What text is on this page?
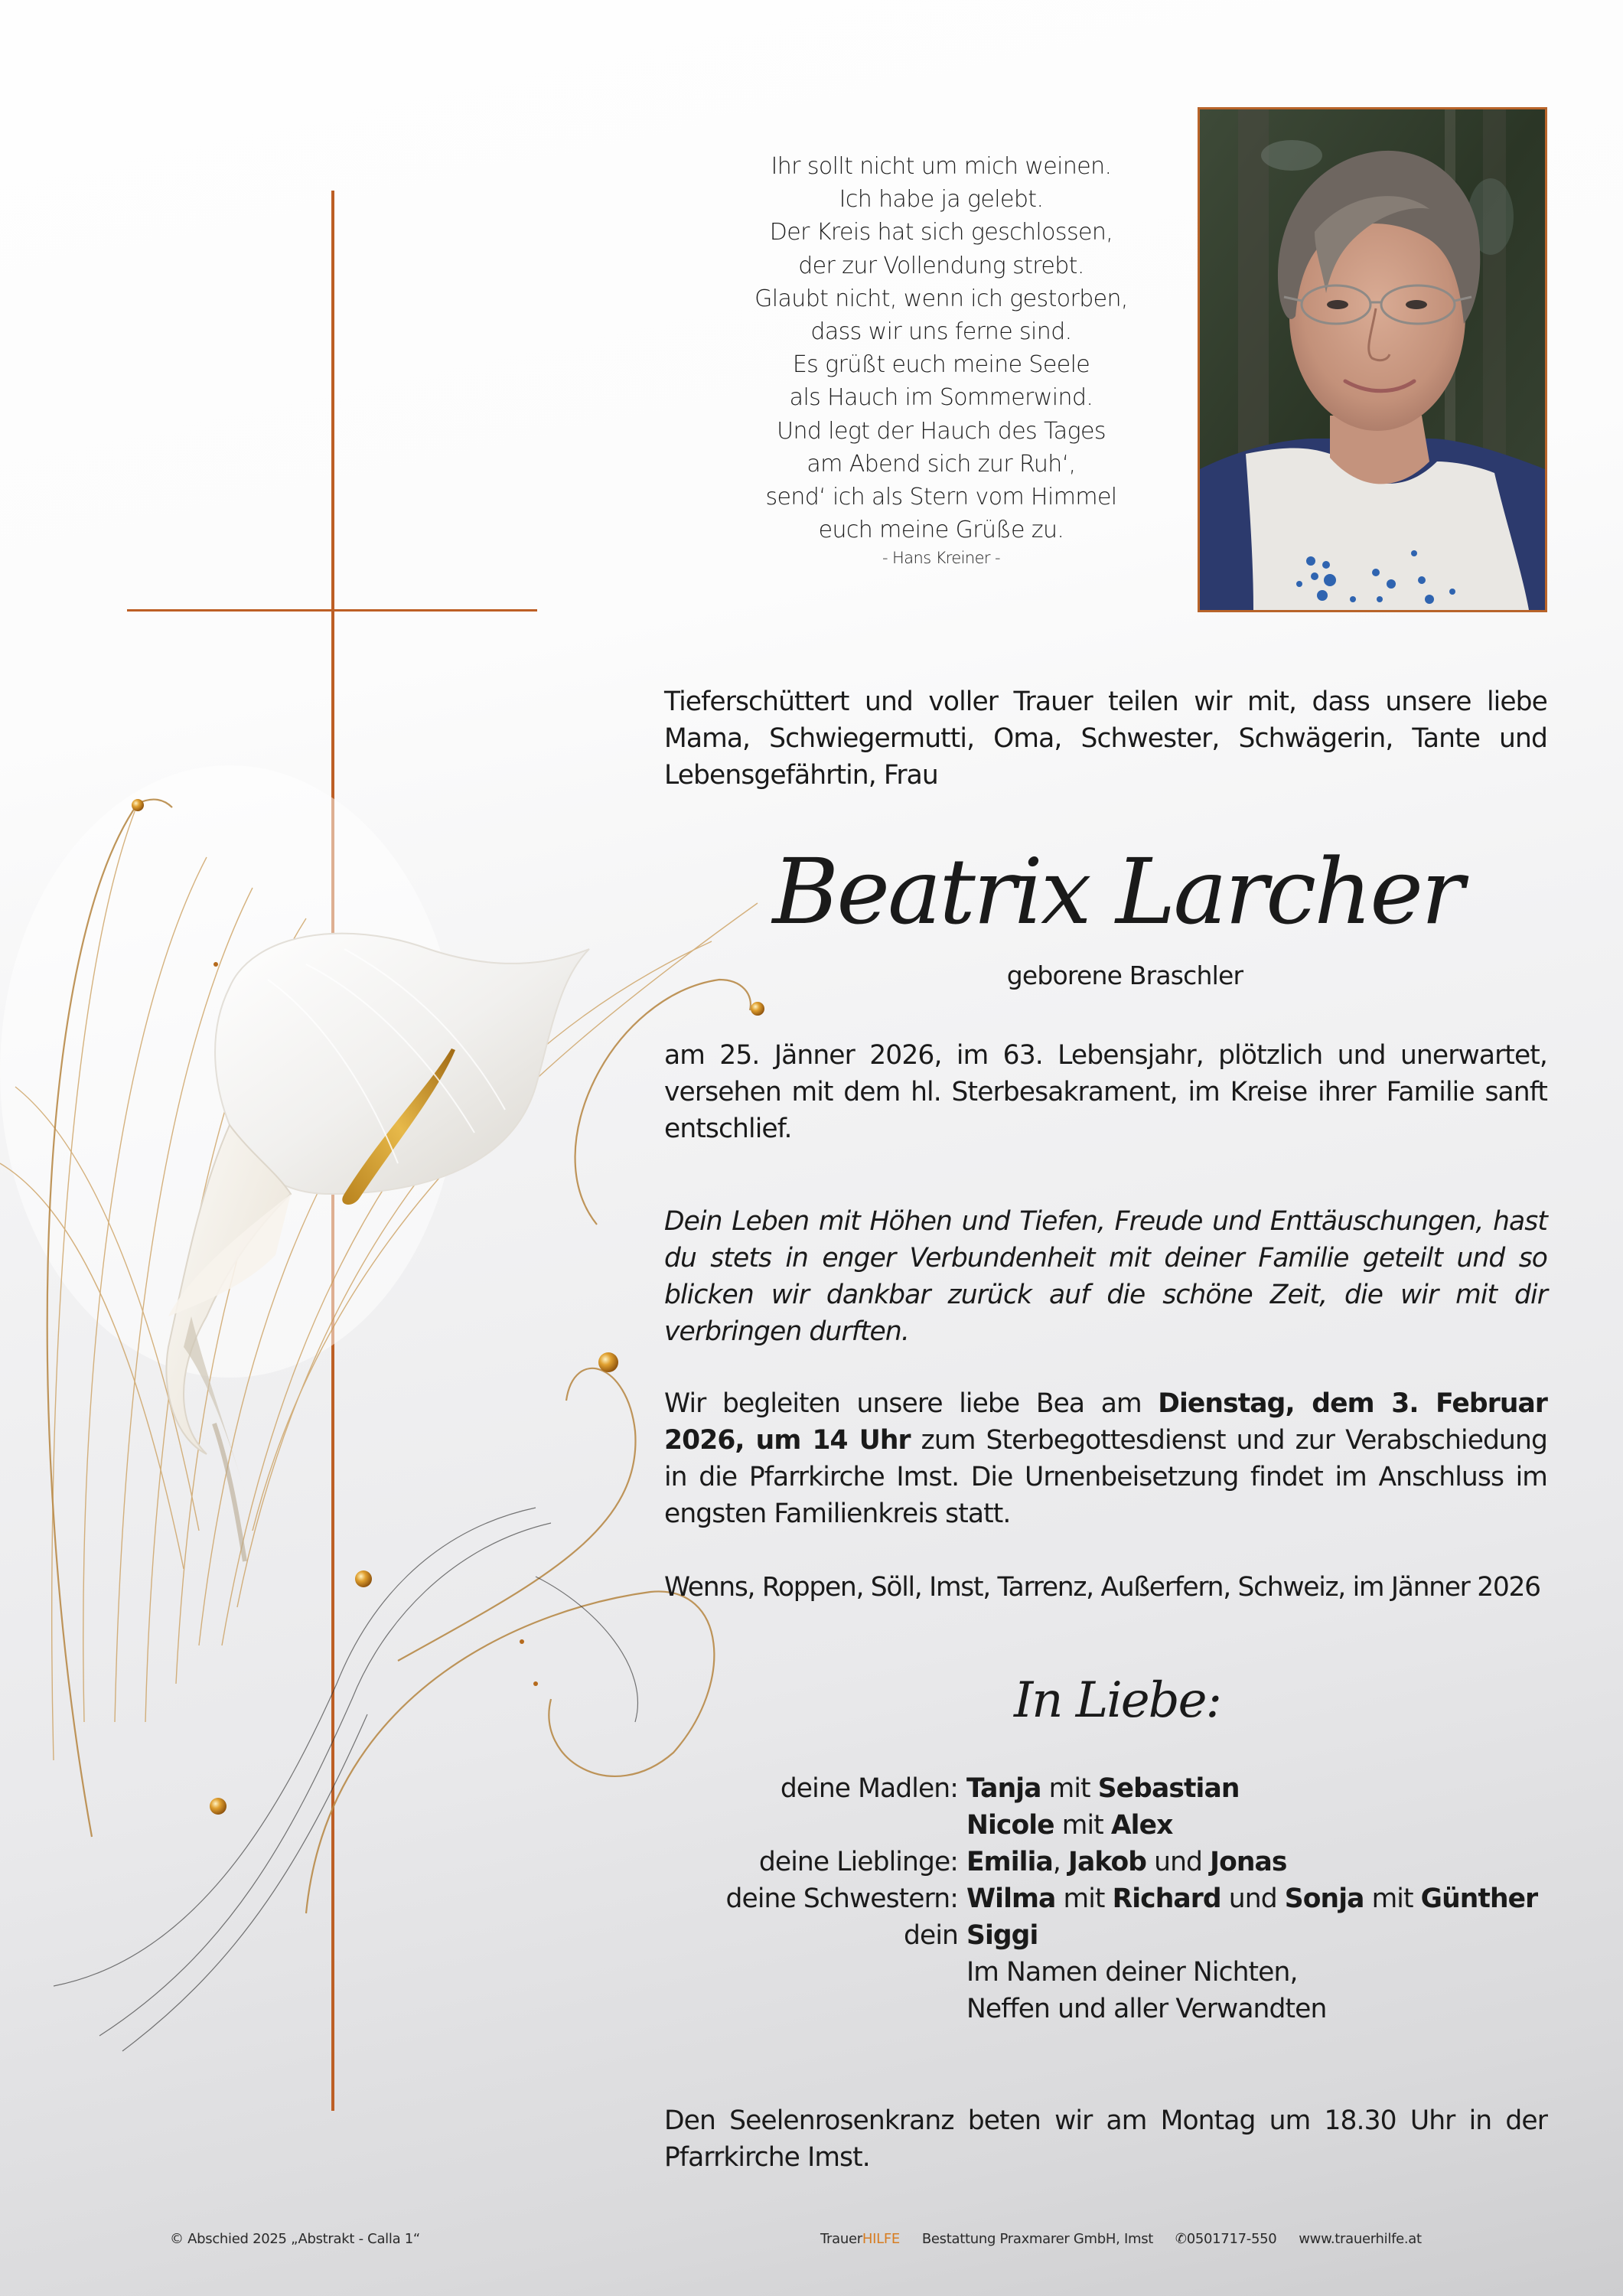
Ihr sollt nicht um mich weinen.
Ich habe ja gelebt.
Der Kreis hat sich geschlossen,
der zur Vollendung strebt.
Glaubt nicht, wenn ich gestorben,
dass wir uns ferne sind.
Es grüßt euch meine Seele
als Hauch im Sommerwind.
Und legt der Hauch des Tages
am Abend sich zur Ruh‘,
send‘ ich als Stern vom Himmel
euch meine Grüße zu.
- Hans Kreiner -

Tieferschüttert und voller Trauer teilen wir mit, dass unsere liebe Mama, Schwiegermutti, Oma, Schwester, Schwägerin, Tante und Lebensgefährtin, Frau

Beatrix Larcher
geborene Braschler

am 25. Jänner 2026, im 63. Lebensjahr, plötzlich und unerwartet, versehen mit dem hl. Sterbesakrament, im Kreise ihrer Familie sanft entschlief.

Dein Leben mit Höhen und Tiefen, Freude und Enttäuschungen, hast du stets in enger Verbundenheit mit deiner Familie geteilt und so blicken wir dankbar zurück auf die schöne Zeit, die wir mit dir verbringen durften.

Wir begleiten unsere liebe Bea am Dienstag, dem 3. Februar 2026, um 14 Uhr zum Sterbegottesdienst und zur Verabschiedung in die Pfarrkirche Imst. Die Urnenbeisetzung findet im Anschluss im engsten Familienkreis statt.

Wenns, Roppen, Söll, Imst, Tarrenz, Außerfern, Schweiz, im Jänner 2026

In Liebe:
deine Madlen: Tanja mit Sebastian
Nicole mit Alex
deine Lieblinge: Emilia, Jakob und Jonas
deine Schwestern: Wilma mit Richard und Sonja mit Günther
dein Siggi
Im Namen deiner Nichten,
Neffen und aller Verwandten

Den Seelenrosenkranz beten wir am Montag um 18.30 Uhr in der Pfarrkirche Imst.

© Abschied 2025 „Abstrakt - Calla 1“	TrauerHILFE Bestattung Praxmarer GmbH, Imst ✆0501717-550 www.trauerhilfe.at
